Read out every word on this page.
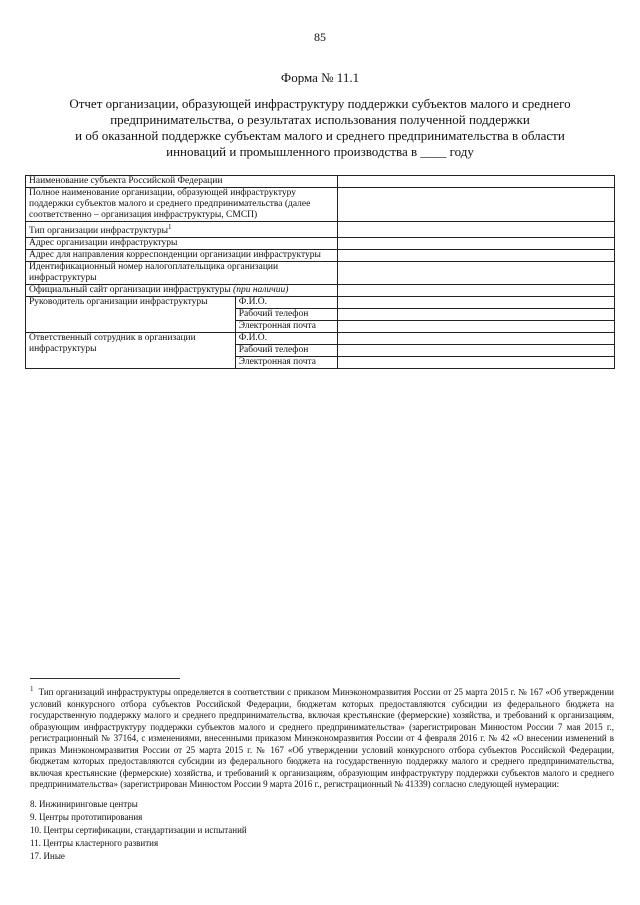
85
Форма № 11.1
Отчет организации, образующей инфраструктуру поддержки субъектов малого и среднего
предпринимательства, о результатах использования полученной поддержки
и об оказанной поддержке субъектам малого и среднего предпринимательства в области
инноваций и промышленного производства в ____ году
Наименование субъекта Российской Федерации		
Полное наименование организации, образующей инфраструктуру поддержки субъектов малого и среднего предпринимательства (далее соответственно – организация инфраструктуры, СМСП)		
Тип организации инфраструктуры$^1$	
Адрес организации инфраструктуры		
Адрес для направления корреспонденции организации инфраструктуры		
Идентификационный номер налогоплательщика организации инфраструктуры		
Официальный сайт организации инфраструктуры (при наличии)		
Руководитель организации инфраструктуры	Ф.И.О.	
	Рабочий телефон	
	Электронная почта	
Ответственный сотрудник в организации инфраструктуры	Ф.И.О.	
	Рабочий телефон	
	Электронная почта	
$^1$ Тип организаций инфраструктуры определяется в соответствии с приказом Минэкономразвития России от 25 марта 2015 г. № 167 «Об утверждении условий конкурсного отбора субъектов Российской Федерации, бюджетам которых предоставляются субсидии из федерального бюджета на государственную поддержку малого и среднего предпринимательства, включая крестьянские (фермерские) хозяйства, и требований к организациям, образующим инфраструктуру поддержки субъектов малого и среднего предпринимательства» (зарегистрирован Минюстом России 7 мая 2015 г., регистрационный № 37164, с изменениями, внесенными приказом Минэкономразвития России от 4 февраля 2016 г. № 42 «О внесении изменений в приказ Минэкономразвития России от 25 марта 2015 г. № 167 «Об утверждении условий конкурсного отбора субъектов Российской Федерации, бюджетам которых предоставляются субсидии из федерального бюджета на государственную поддержку малого и среднего предпринимательства, включая крестьянские (фермерские) хозяйства, и требований к организациям, образующим инфраструктуру поддержки субъектов малого и среднего предпринимательства» (зарегистрирован Минюстом России 9 марта 2016 г., регистрационный № 41339) согласно следующей нумерации:
8. Инжиниринговые центры
9. Центры прототипирования
10. Центры сертификации, стандартизации и испытаний
11. Центры кластерного развития
17. Иные
